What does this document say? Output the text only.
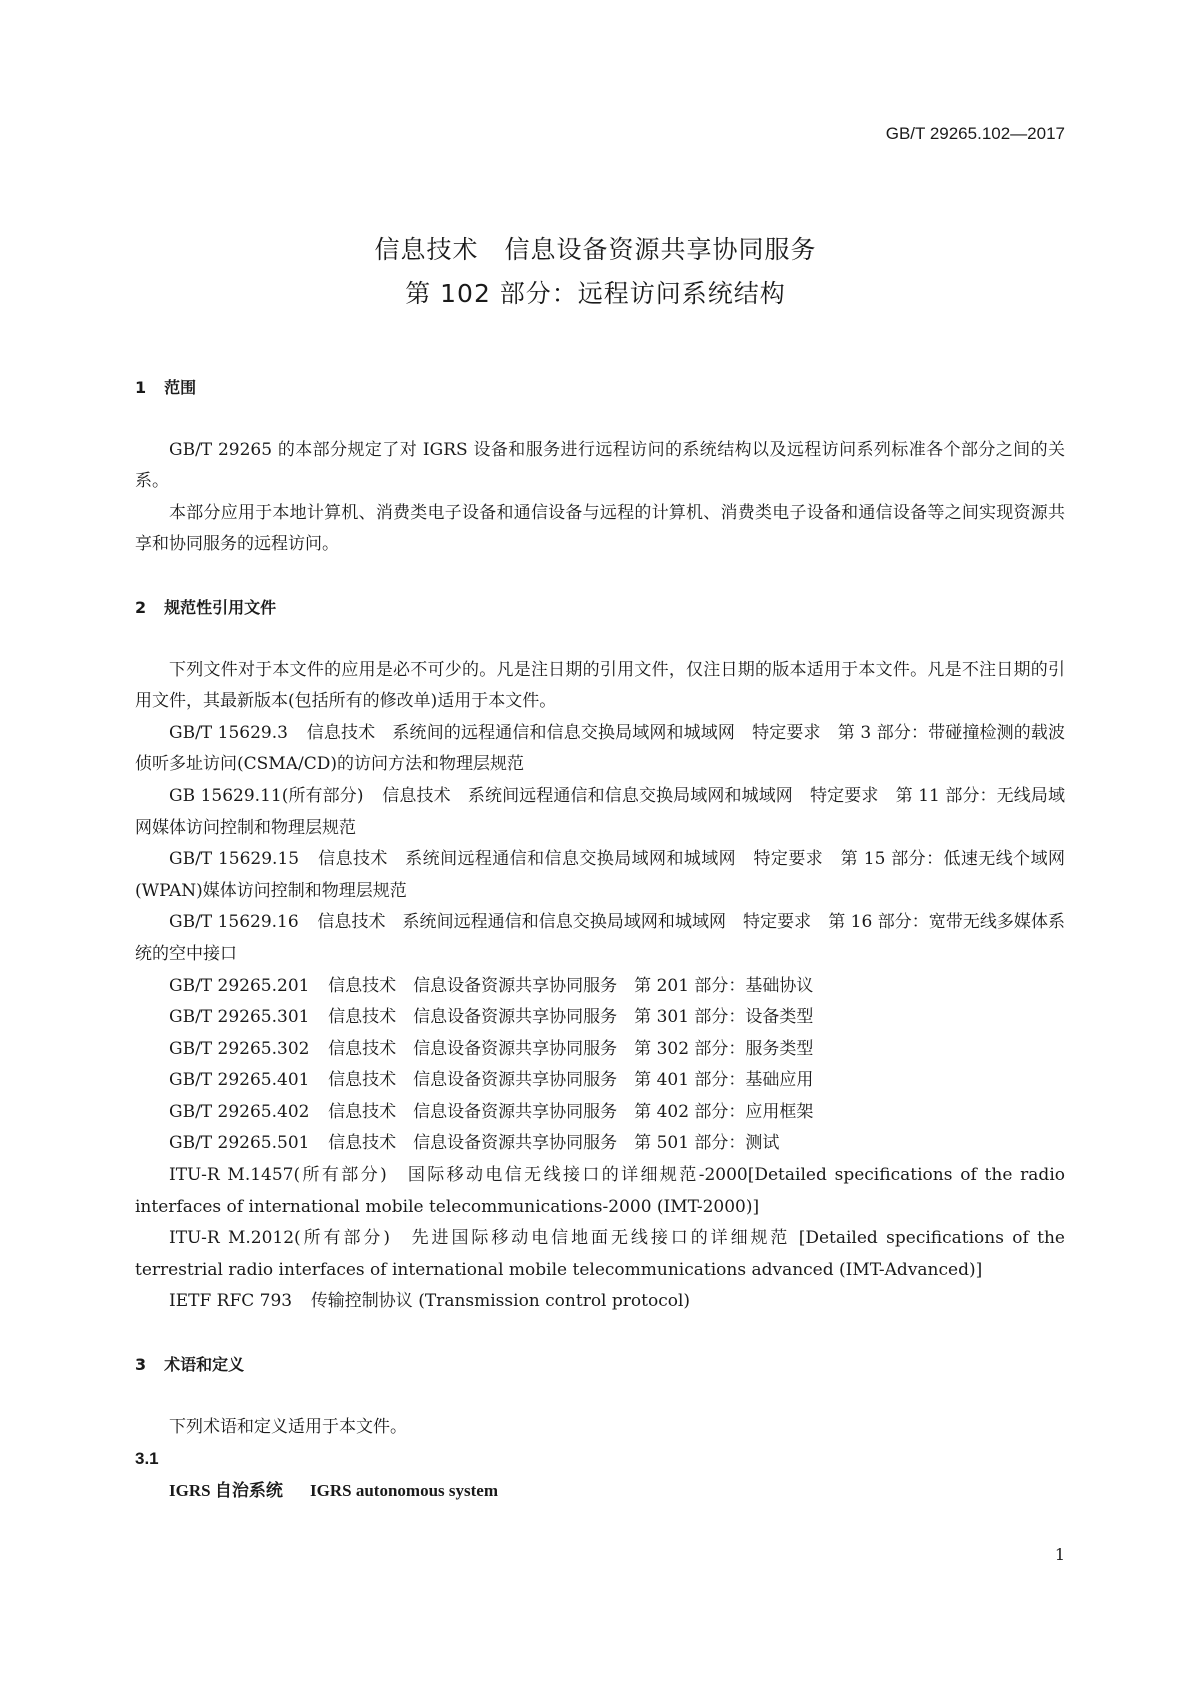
GB/T 29265.102—2017
信息技术　信息设备资源共享协同服务
第 102 部分：远程访问系统结构
1 范围

GB/T 29265 的本部分规定了对 IGRS 设备和服务进行远程访问的系统结构以及远程访问系列标准各个部分之间的关系。

本部分应用于本地计算机、消费类电子设备和通信设备与远程的计算机、消费类电子设备和通信设备等之间实现资源共享和协同服务的远程访问。

2 规范性引用文件

下列文件对于本文件的应用是必不可少的。凡是注日期的引用文件，仅注日期的版本适用于本文件。凡是不注日期的引用文件，其最新版本(包括所有的修改单)适用于本文件。

GB/T 15629.3 信息技术　系统间的远程通信和信息交换局域网和城域网　特定要求　第 3 部分：带碰撞检测的载波侦听多址访问(CSMA/CD)的访问方法和物理层规范

GB 15629.11(所有部分) 信息技术　系统间远程通信和信息交换局域网和城域网　特定要求　第 11 部分：无线局域网媒体访问控制和物理层规范

GB/T 15629.15 信息技术　系统间远程通信和信息交换局域网和城域网　特定要求　第 15 部分：低速无线个域网(WPAN)媒体访问控制和物理层规范

GB/T 15629.16 信息技术　系统间远程通信和信息交换局域网和城域网　特定要求　第 16 部分：宽带无线多媒体系统的空中接口

GB/T 29265.201 信息技术　信息设备资源共享协同服务　第 201 部分：基础协议

GB/T 29265.301 信息技术　信息设备资源共享协同服务　第 301 部分：设备类型

GB/T 29265.302 信息技术　信息设备资源共享协同服务　第 302 部分：服务类型

GB/T 29265.401 信息技术　信息设备资源共享协同服务　第 401 部分：基础应用

GB/T 29265.402 信息技术　信息设备资源共享协同服务　第 402 部分：应用框架

GB/T 29265.501 信息技术　信息设备资源共享协同服务　第 501 部分：测试

ITU-R M.1457(所有部分) 国际移动电信无线接口的详细规范-2000[Detailed specifications of the radio interfaces of international mobile telecommunications-2000 (IMT-2000)]

ITU-R M.2012(所有部分) 先进国际移动电信地面无线接口的详细规范 [Detailed specifications of the terrestrial radio interfaces of international mobile telecommunications advanced (IMT-Advanced)]

IETF RFC 793 传输控制协议 (Transmission control protocol)

3 术语和定义

下列术语和定义适用于本文件。

3.1
IGRS 自治系统 IGRS autonomous system
1
